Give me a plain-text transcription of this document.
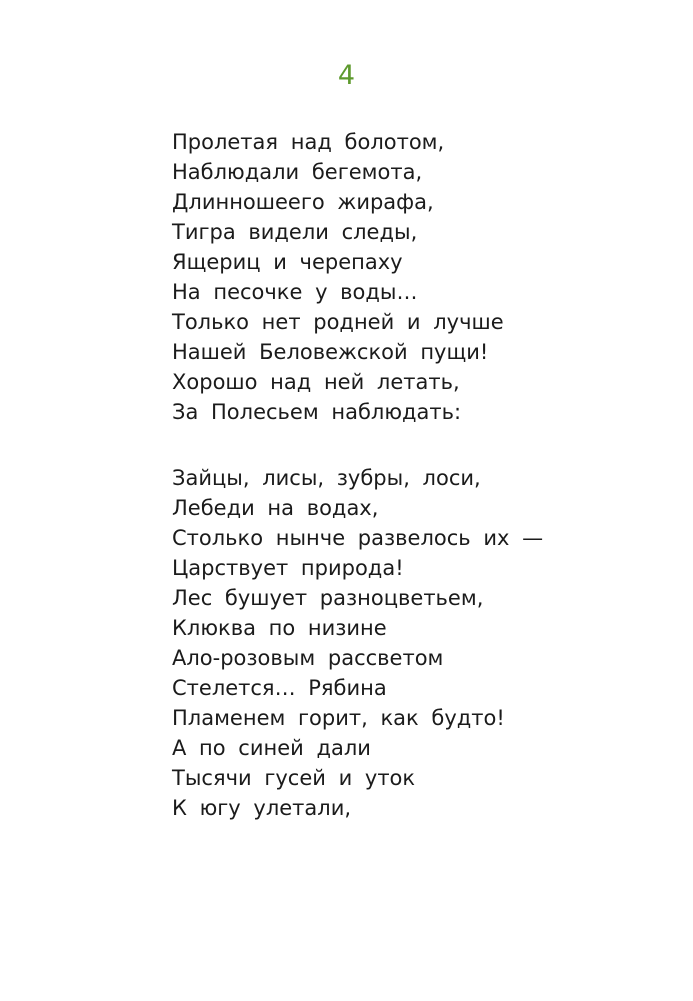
4
Пролетая над болотом,
Наблюдали бегемота,
Длинношеего жирафа,
Тигра видели следы,
Ящериц и черепаху
На песочке у воды…
Только нет родней и лучше
Нашей Беловежской пущи!
Хорошо над ней летать,
За Полесьем наблюдать:
Зайцы, лисы, зубры, лоси,
Лебеди на водах,
Столько нынче развелось их —
Царствует природа!
Лес бушует разноцветьем,
Клюква по низине
Ало-розовым рассветом
Стелется… Рябина
Пламенем горит, как будто!
А по синей дали
Тысячи гусей и уток
К югу улетали,
